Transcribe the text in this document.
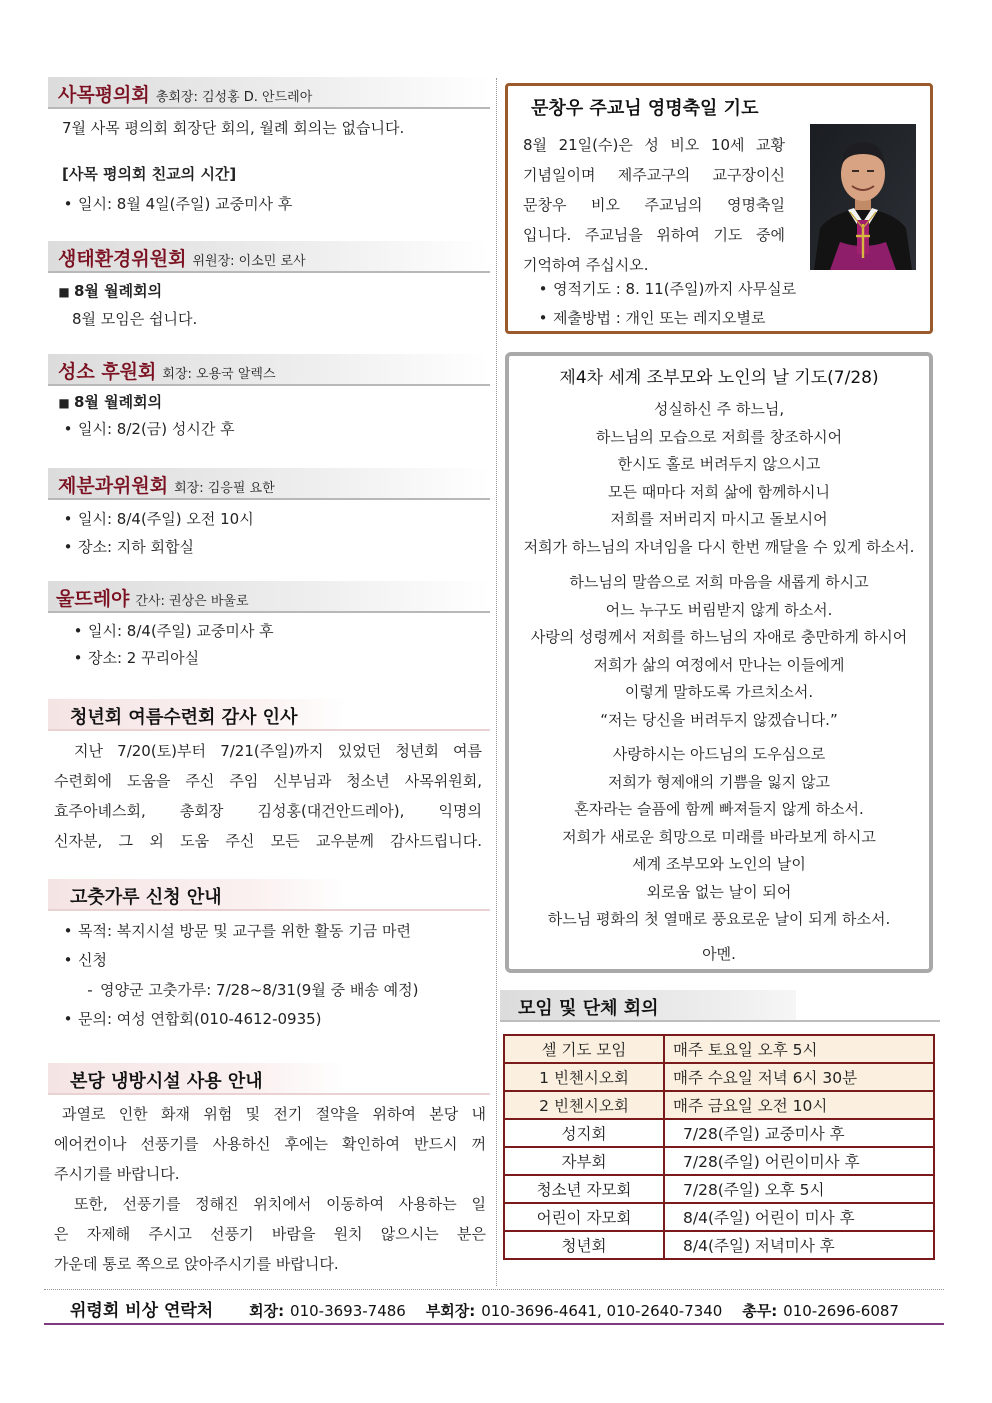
사목평의회 총회장: 김성홍 D. 안드레아
7월 사목 평의회 회장단 회의, 월례 회의는 없습니다.
[사목 평의회 친교의 시간]
• 일시: 8월 4일(주일) 교중미사 후
생태환경위원회 위원장: 이소민 로사
■ 8월 월례회의
8월 모임은 쉽니다.
성소 후원회 회장: 오용국 알렉스
■ 8월 월례회의
• 일시: 8/2(금) 성시간 후
제분과위원회 회장: 김응필 요한
• 일시: 8/4(주일) 오전 10시
• 장소: 지하 회합실
울뜨레야 간사: 권상은 바울로
• 일시: 8/4(주일) 교중미사 후
• 장소: 2 꾸리아실
청년회 여름수련회 감사 인사
지난 7/20(토)부터 7/21(주일)까지 있었던 청년회 여름
수련회에 도움을 주신 주임 신부님과 청소년 사목위원회,
효주아녜스회, 총회장 김성홍(대건안드레아), 익명의
신자분, 그 외 도움 주신 모든 교우분께 감사드립니다.
고춧가루 신청 안내
• 목적: 복지시설 방문 및 교구를 위한 활동 기금 마련
• 신청
- 영양군 고춧가루: 7/28~8/31(9월 중 배송 예정)
• 문의: 여성 연합회(010-4612-0935)
본당 냉방시설 사용 안내
과열로 인한 화재 위험 및 전기 절약을 위하여 본당 내
에어컨이나 선풍기를 사용하신 후에는 확인하여 반드시 꺼
주시기를 바랍니다.
또한, 선풍기를 정해진 위치에서 이동하여 사용하는 일
은 자제해 주시고 선풍기 바람을 원치 않으시는 분은
가운데 통로 쪽으로 앉아주시기를 바랍니다.
문창우 주교님 영명축일 기도
8월 21일(수)은 성 비오 10세 교황
기념일이며 제주교구의 교구장이신
문창우 비오 주교님의 영명축일
입니다. 주교님을 위하여 기도 중에
기억하여 주십시오.
• 영적기도 : 8. 11(주일)까지 사무실로
• 제출방법 : 개인 또는 레지오별로
제4차 세계 조부모와 노인의 날 기도(7/28)
성실하신 주 하느님,
하느님의 모습으로 저희를 창조하시어
한시도 홀로 버려두지 않으시고
모든 때마다 저희 삶에 함께하시니
저희를 저버리지 마시고 돌보시어
저희가 하느님의 자녀임을 다시 한번 깨달을 수 있게 하소서.
하느님의 말씀으로 저희 마음을 새롭게 하시고
어느 누구도 버림받지 않게 하소서.
사랑의 성령께서 저희를 하느님의 자애로 충만하게 하시어
저희가 삶의 여정에서 만나는 이들에게
이렇게 말하도록 가르치소서.
“저는 당신을 버려두지 않겠습니다.”
사랑하시는 아드님의 도우심으로
저희가 형제애의 기쁨을 잃지 않고
혼자라는 슬픔에 함께 빠져들지 않게 하소서.
저희가 새로운 희망으로 미래를 바라보게 하시고
세계 조부모와 노인의 날이
외로움 없는 날이 되어
하느님 평화의 첫 열매로 풍요로운 날이 되게 하소서.
아멘.
모임 및 단체 회의
셀 기도 모임	매주 토요일 오후 5시
1 빈첸시오회	매주 수요일 저녁 6시 30분
2 빈첸시오회	매주 금요일 오전 10시
성지회	7/28(주일) 교중미사 후
자부회	7/28(주일) 어린이미사 후
청소년 자모회	7/28(주일) 오후 5시
어린이 자모회	8/4(주일) 어린이 미사 후
청년회	8/4(주일) 저녁미사 후
위령회 비상 연락처 회장: 010-3693-7486 부회장: 010-3696-4641, 010-2640-7340 총무: 010-2696-6087
